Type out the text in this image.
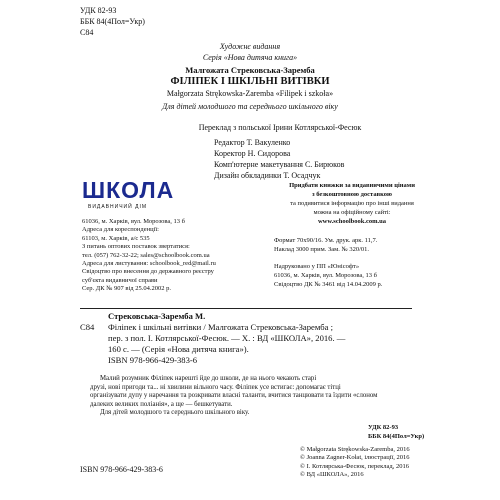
УДК 82-93
ББК 84(4Пол=Укр)
С84
Художнє видання
Серія «Нова дитяча книга»
Малгожата Стрековська-Заремба
ФІЛІПЕК І ШКІЛЬНІ ВИТІВКИ
Małgorzata Strękowska-Zaremba «Filipek i szkoła»
Для дітей молодшого та середнього шкільного віку
Переклад з польської Ірини Котлярської-Фесюк
Редактор Т. Вакуленко
Коректор Н. Сидорова
Комп'ютерне макетування С. Бирюков
Дизайн обкладинки Т. Осадчук
ШКОЛА
ВИДАВНИЧИЙ ДІМ
61036, м. Харків, вул. Морозова, 13 б
Адреса для кореспонденції:
61103, м. Харків, а/с 535
З питань оптових поставок звертатися:
тел. (057) 762-32-22; sales@schoolbook.com.ua
Адреса для листування: schoolbook_red@mail.ru
Свідоцтво про внесення до державного реєстру
суб'єкта видавничої справи
Сер. ДК № 907 від 25.04.2002 р.
Придбати книжки за видавничими цінами
з безкоштовною доставкою
та подивитися інформацію про інші видання
можна на офіційному сайті:
www.schoolbook.com.ua
Формат 70x90/16. Ум. друк. арк. 11,7.
Наклад 3000 прим. Зам. № 320/01.
Надруковано у ПП «Юнісофт»
61036, м. Харків, вул. Морозова, 13 б
Свідоцтво ДК № 3461 від 14.04.2009 р.
Стрековська-Заремба М.
С84 Філіпек і шкільні витівки / Малгожата Стрековська-Заремба ;
пер. з пол. І. Котлярської-Фесюк. — Х. : ВД «ШКОЛА», 2016. —
160 с. — (Серія «Нова дитяча книга»).
ISBN 978-966-429-383-6
Малий розумник Філіпек нарешті йде до школи, де на нього чекають старі
друзі, нові пригоди та... ні хвилини вільного часу. Філіпек усе встигає: допомагає тітці
організувати дупу у наречання та розкривати власні таланти, вчитися танцювати та їздити «слоном
далеких великих поліанія», а ще — бешкетувати.
Для дітей молодшого та середнього шкільного віку.
УДК 82-93
ББК 84(4Пол=Укр)
© Małgorzata Strękowska-Zaremba, 2016
© Joanna Zagner-Kołat, ілюстрації, 2016
© І. Котлярська-Фесюк, переклад, 2016
© ВД «ШКОЛА», 2016
ISBN 978-966-429-383-6
